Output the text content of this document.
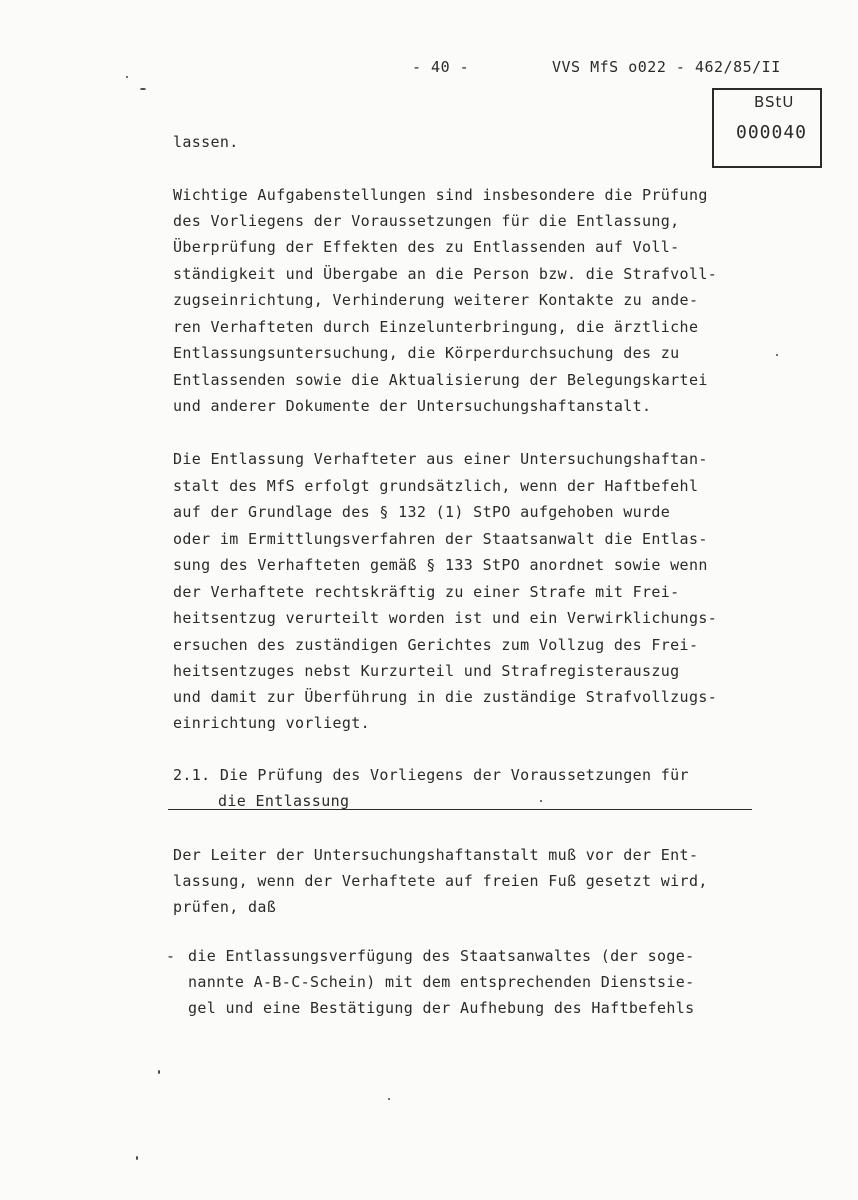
- 40 -	VVS MfS o022 - 462/85/II
BStU
000040
lassen.
Wichtige Aufgabenstellungen sind insbesondere die Prüfung
des Vorliegens der Voraussetzungen für die Entlassung,
Überprüfung der Effekten des zu Entlassenden auf Voll-
ständigkeit und Übergabe an die Person bzw. die Strafvoll-
zugseinrichtung, Verhinderung weiterer Kontakte zu ande-
ren Verhafteten durch Einzelunterbringung, die ärztliche
Entlassungsuntersuchung, die Körperdurchsuchung des zu
Entlassenden sowie die Aktualisierung der Belegungskartei
und anderer Dokumente der Untersuchungshaftanstalt.
Die Entlassung Verhafteter aus einer Untersuchungshaftan-
stalt des MfS erfolgt grundsätzlich, wenn der Haftbefehl
auf der Grundlage des § 132 (1) StPO aufgehoben wurde
oder im Ermittlungsverfahren der Staatsanwalt die Entlas-
sung des Verhafteten gemäß § 133 StPO anordnet sowie wenn
der Verhaftete rechtskräftig zu einer Strafe mit Frei-
heitsentzug verurteilt worden ist und ein Verwirklichungs-
ersuchen des zuständigen Gerichtes zum Vollzug des Frei-
heitsentzuges nebst Kurzurteil und Strafregisterauszug
und damit zur Überführung in die zuständige Strafvollzugs-
einrichtung vorliegt.
2.1. Die Prüfung des Vorliegens der Voraussetzungen für
die Entlassung
Der Leiter der Untersuchungshaftanstalt muß vor der Ent-
lassung, wenn der Verhaftete auf freien Fuß gesetzt wird,
prüfen, daß
- die Entlassungsverfügung des Staatsanwaltes (der soge-
nannte A-B-C-Schein) mit dem entsprechenden Dienstsie-
gel und eine Bestätigung der Aufhebung des Haftbefehls
